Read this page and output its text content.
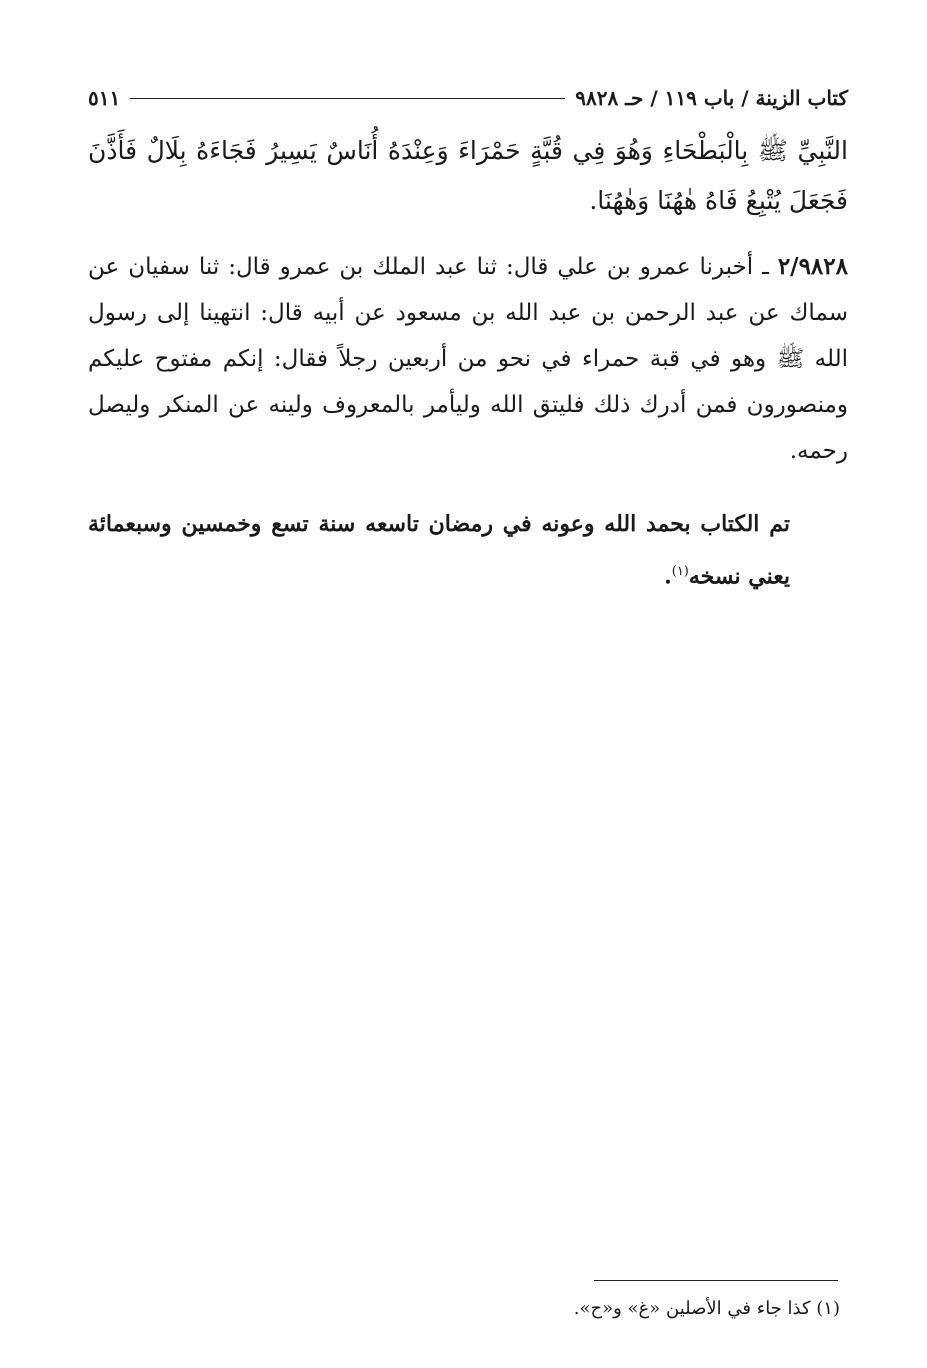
كتاب الزينة / باب ١١٩ / حـ ٩٨٢٨
٥١١

النَّبِيِّ ﷺ بِالْبَطْحَاءِ وَهُوَ فِي قُبَّةٍ حَمْرَاءَ وَعِنْدَهُ أُنَاسٌ يَسِيرُ فَجَاءَهُ بِلَالٌ فَأَذَّنَ فَجَعَلَ يُتْبِعُ فَاهُ هٰهُنَا وَهٰهُنَا.

٢/٩٨٢٨ ـ أخبرنا عمرو بن علي قال: ثنا عبد الملك بن عمرو قال: ثنا سفيان عن سماك عن عبد الرحمن بن عبد الله بن مسعود عن أبيه قال: انتهينا إلى رسول الله ﷺ وهو في قبة حمراء في نحو من أربعين رجلاً فقال: إنكم مفتوح عليكم ومنصورون فمن أدرك ذلك فليتق الله وليأمر بالمعروف ولينه عن المنكر وليصل رحمه.

تم الكتاب بحمد الله وعونه في رمضان تاسعه سنة تسع وخمسين وسبعمائة يعني نسخه$^{(١)}$.

(١) كذا جاء في الأصلين «غ» و«ح».
